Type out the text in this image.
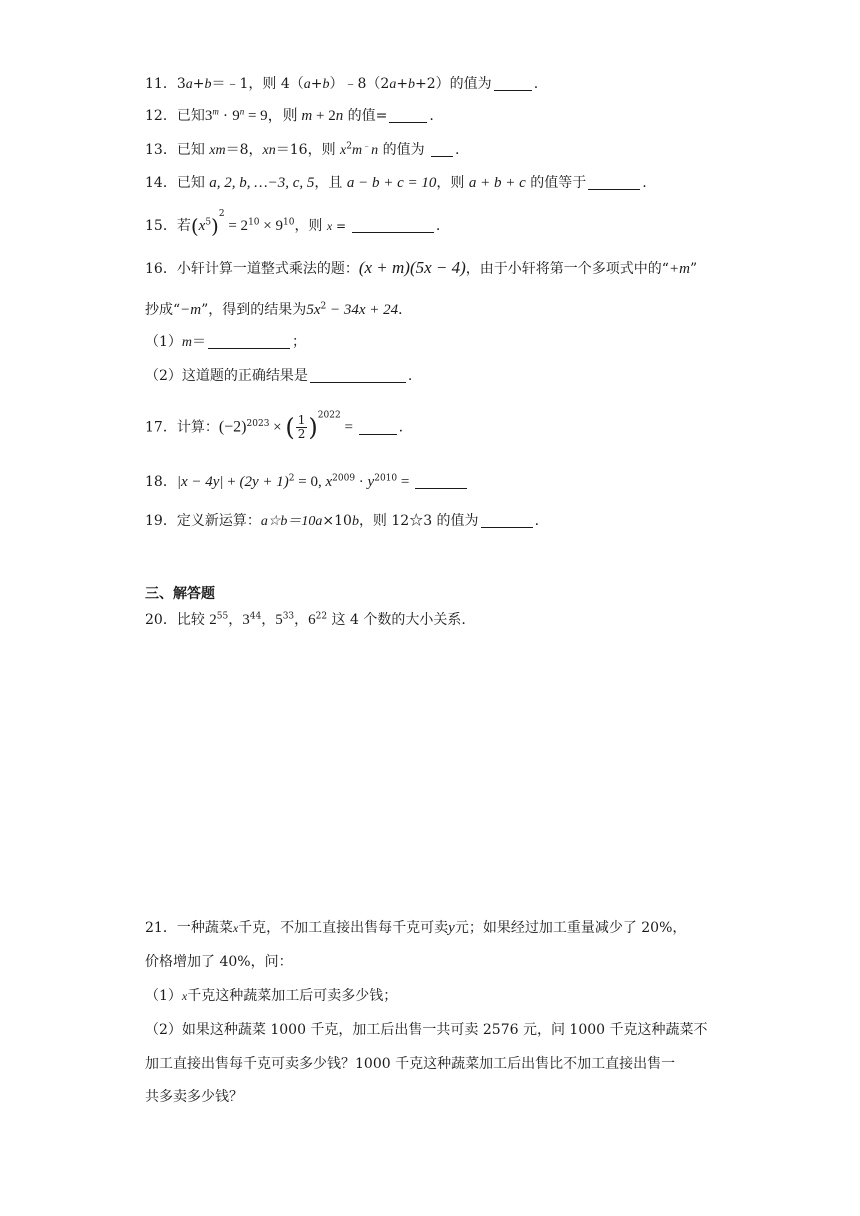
11．3a+b＝﹣1，则 4（a+b）﹣8（2a+b+2）的值为	.
12．已知$3^m \cdot 9^n = 9$，则 m + 2n 的值=	.
13．已知 xm＝8，xn＝16，则 $x^2m^﹣n$ 的值为 .
14．已知 a, 2, b, …−3, c, 5，且 a − b + c = 10，则 a + b + c 的值等于	.
15．若$(x^5)^2 = 2^{10} \times 9^{10}$，则 x =	.
16．小轩计算一道整式乘法的题：(x + m)(5x − 4)，由于小轩将第一个多项式中的“+m”
抄成“−m”，得到的结果为$5x^2 - 34x + 24$．
（1）m＝	；
（2）这道题的正确结果是	.
17．计算：$(-2)^{2023}$ × ( $\frac{1}{2} )^{2022}$ =	.
18．$|x - 4y| + (2y + 1)^2 = 0$, $x^{2009} \cdot y^{2010}$ =
19．定义新运算：a☆b＝10a×10b，则 12☆3 的值为	.
三、解答题
20．比较 $2^{55}$，$3^{44}$，$5^{33}$，$6^{22}$ 这 4 个数的大小关系.
21．一种蔬菜x千克，不加工直接出售每千克可卖y元；如果经过加工重量减少了 20%，
价格增加了 40%，问：
（1）x千克这种蔬菜加工后可卖多少钱；
（2）如果这种蔬菜 1000 千克，加工后出售一共可卖 2576 元，问 1000 千克这种蔬菜不
加工直接出售每千克可卖多少钱？1000 千克这种蔬菜加工后出售比不加工直接出售一
共多卖多少钱？
